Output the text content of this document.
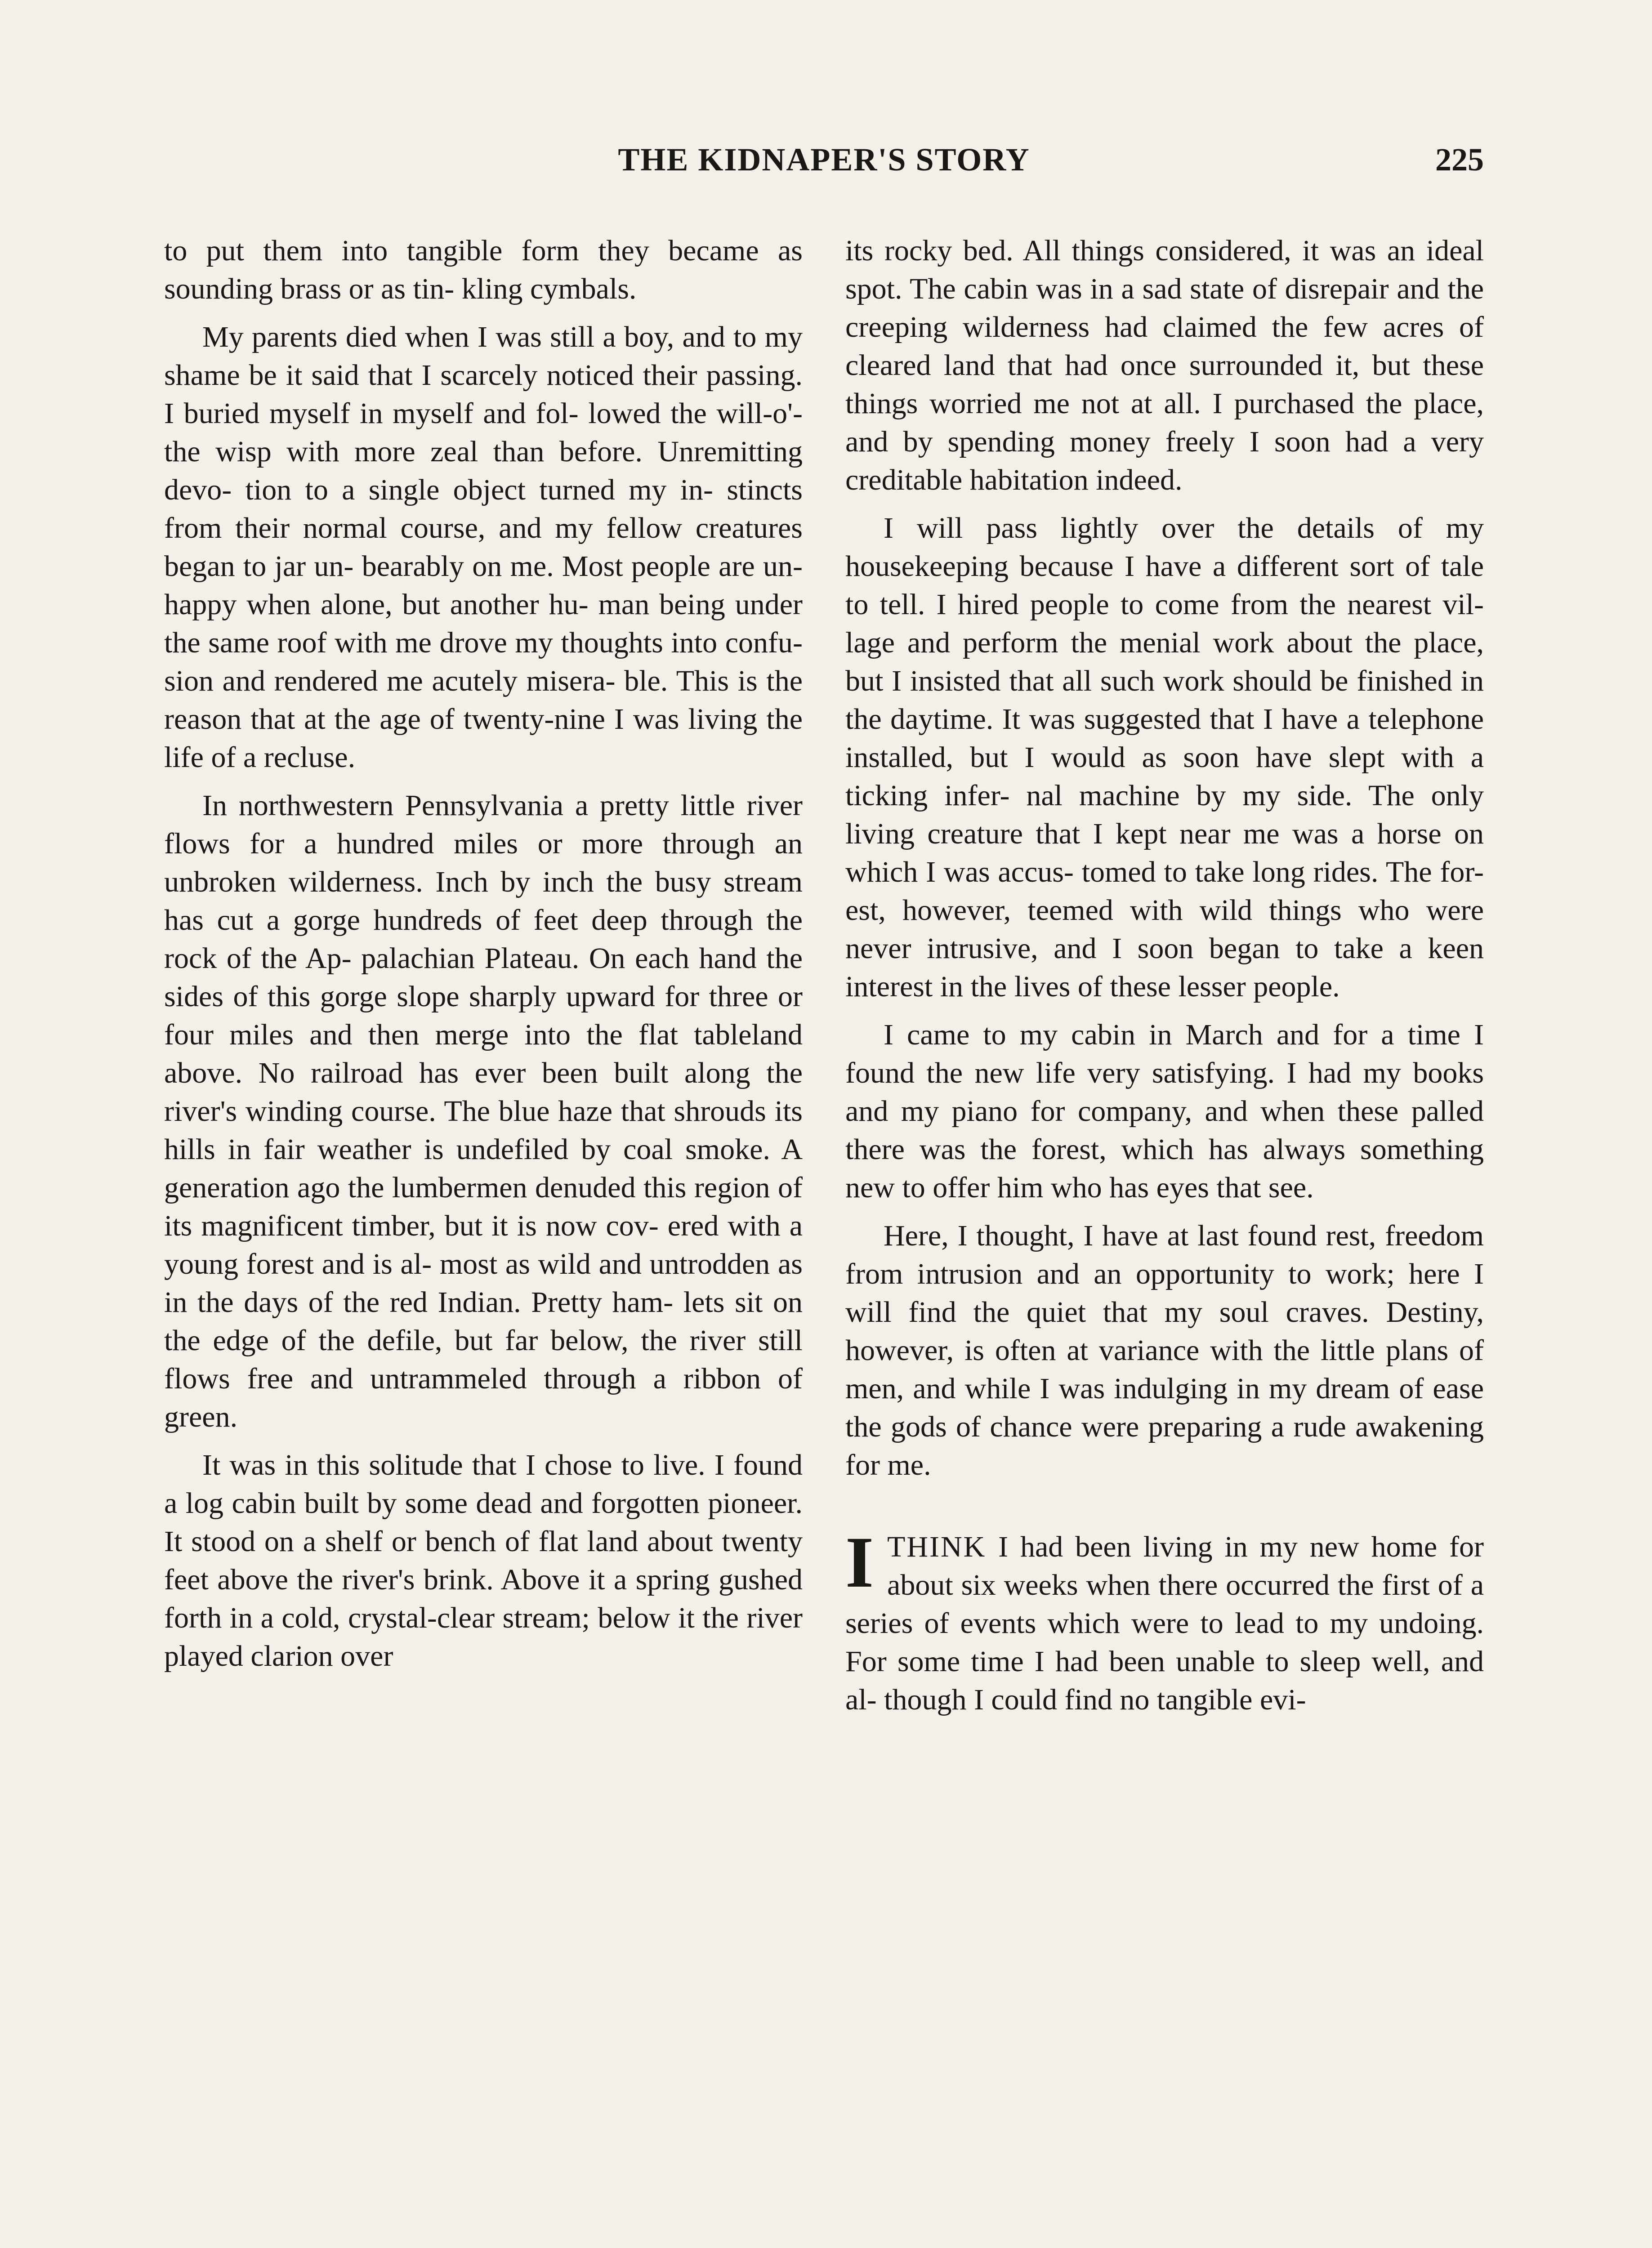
THE KIDNAPER'S STORY	225

to put them into tangible form they became as sounding brass or as tin- kling cymbals.

My parents died when I was still a boy, and to my shame be it said that I scarcely noticed their passing. I buried myself in myself and fol- lowed the will-o'-the wisp with more zeal than before. Unremitting devo- tion to a single object turned my in- stincts from their normal course, and my fellow creatures began to jar un- bearably on me. Most people are un- happy when alone, but another hu- man being under the same roof with me drove my thoughts into confu- sion and rendered me acutely misera- ble. This is the reason that at the age of twenty-nine I was living the life of a recluse.

In northwestern Pennsylvania a pretty little river flows for a hundred miles or more through an unbroken wilderness. Inch by inch the busy stream has cut a gorge hundreds of feet deep through the rock of the Ap- palachian Plateau. On each hand the sides of this gorge slope sharply upward for three or four miles and then merge into the flat tableland above. No railroad has ever been built along the river's winding course. The blue haze that shrouds its hills in fair weather is undefiled by coal smoke. A generation ago the lumbermen denuded this region of its magnificent timber, but it is now cov- ered with a young forest and is al- most as wild and untrodden as in the days of the red Indian. Pretty ham- lets sit on the edge of the defile, but far below, the river still flows free and untrammeled through a ribbon of green.

It was in this solitude that I chose to live. I found a log cabin built by some dead and forgotten pioneer. It stood on a shelf or bench of flat land about twenty feet above the river's brink. Above it a spring gushed forth in a cold, crystal-clear stream; below it the river played clarion over

its rocky bed. All things considered, it was an ideal spot. The cabin was in a sad state of disrepair and the creeping wilderness had claimed the few acres of cleared land that had once surrounded it, but these things worried me not at all. I purchased the place, and by spending money freely I soon had a very creditable habitation indeed.

I will pass lightly over the details of my housekeeping because I have a different sort of tale to tell. I hired people to come from the nearest vil- lage and perform the menial work about the place, but I insisted that all such work should be finished in the daytime. It was suggested that I have a telephone installed, but I would as soon have slept with a ticking infer- nal machine by my side. The only living creature that I kept near me was a horse on which I was accus- tomed to take long rides. The for- est, however, teemed with wild things who were never intrusive, and I soon began to take a keen interest in the lives of these lesser people.

I came to my cabin in March and for a time I found the new life very satisfying. I had my books and my piano for company, and when these palled there was the forest, which has always something new to offer him who has eyes that see.

Here, I thought, I have at last found rest, freedom from intrusion and an opportunity to work; here I will find the quiet that my soul craves. Destiny, however, is often at variance with the little plans of men, and while I was indulging in my dream of ease the gods of chance were preparing a rude awakening for me.

ITHINK I had been living in my new home for about six weeks when there occurred the first of a series of events which were to lead to my undoing. For some time I had been unable to sleep well, and al- though I could find no tangible evi-
